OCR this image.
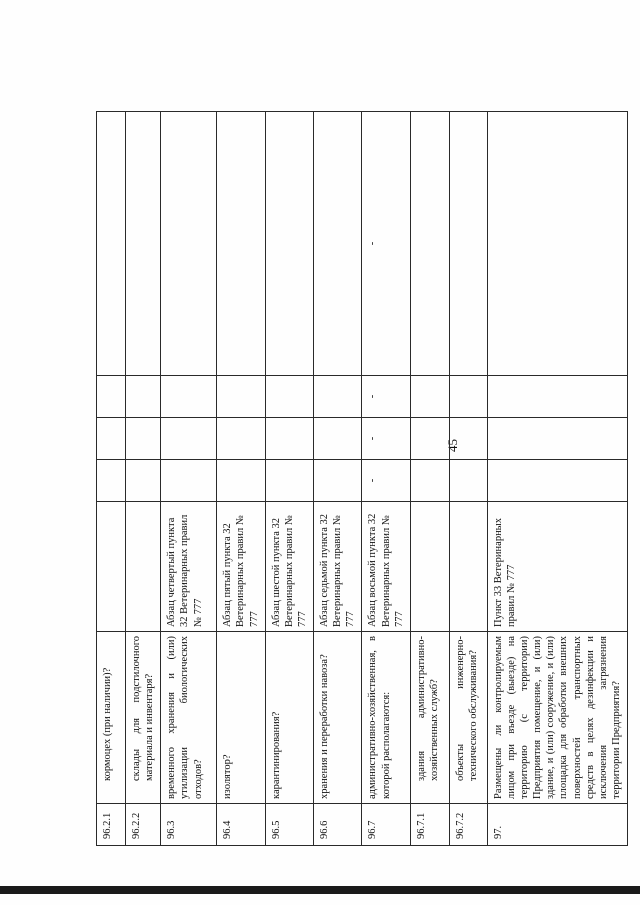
45
96.2.1	кормоцех (при наличии)?					
96.2.2	склады для подстилочного материала и инвентаря?					
96.3	временного хранения и (или) утилизации биологических отходов?	Абзац четвертый пункта 32 Ветеринарных правил № 777				
96.4	изолятор?	Абзац пятый пункта 32 Ветеринарных правил № 777				
96.5	карантинирования?	Абзац шестой пункта 32 Ветеринарных правил № 777				
96.6	хранения и переработки навоза?	Абзац седьмой пункта 32 Ветеринарных правил № 777				
96.7	административно-хозяйственная, в которой располагаются:	Абзац восьмой пункта 32 Ветеринарных правил № 777	-	-	-	-
96.7.1	здания административно-хозяйственных служб?					
96.7.2	объекты инженерно-технического обслуживания?					
97.	Размещены ли контролируемым лицом при въезде (выезде) на территорию (с территории) Предприятия помещение, и (или) здание, и (или) сооружение, и (или) площадка для обработки внешних поверхностей транспортных средств в целях дезинфекции и исключения загрязнения территории Предприятия?	Пункт 33 Ветеринарных правил № 777				
